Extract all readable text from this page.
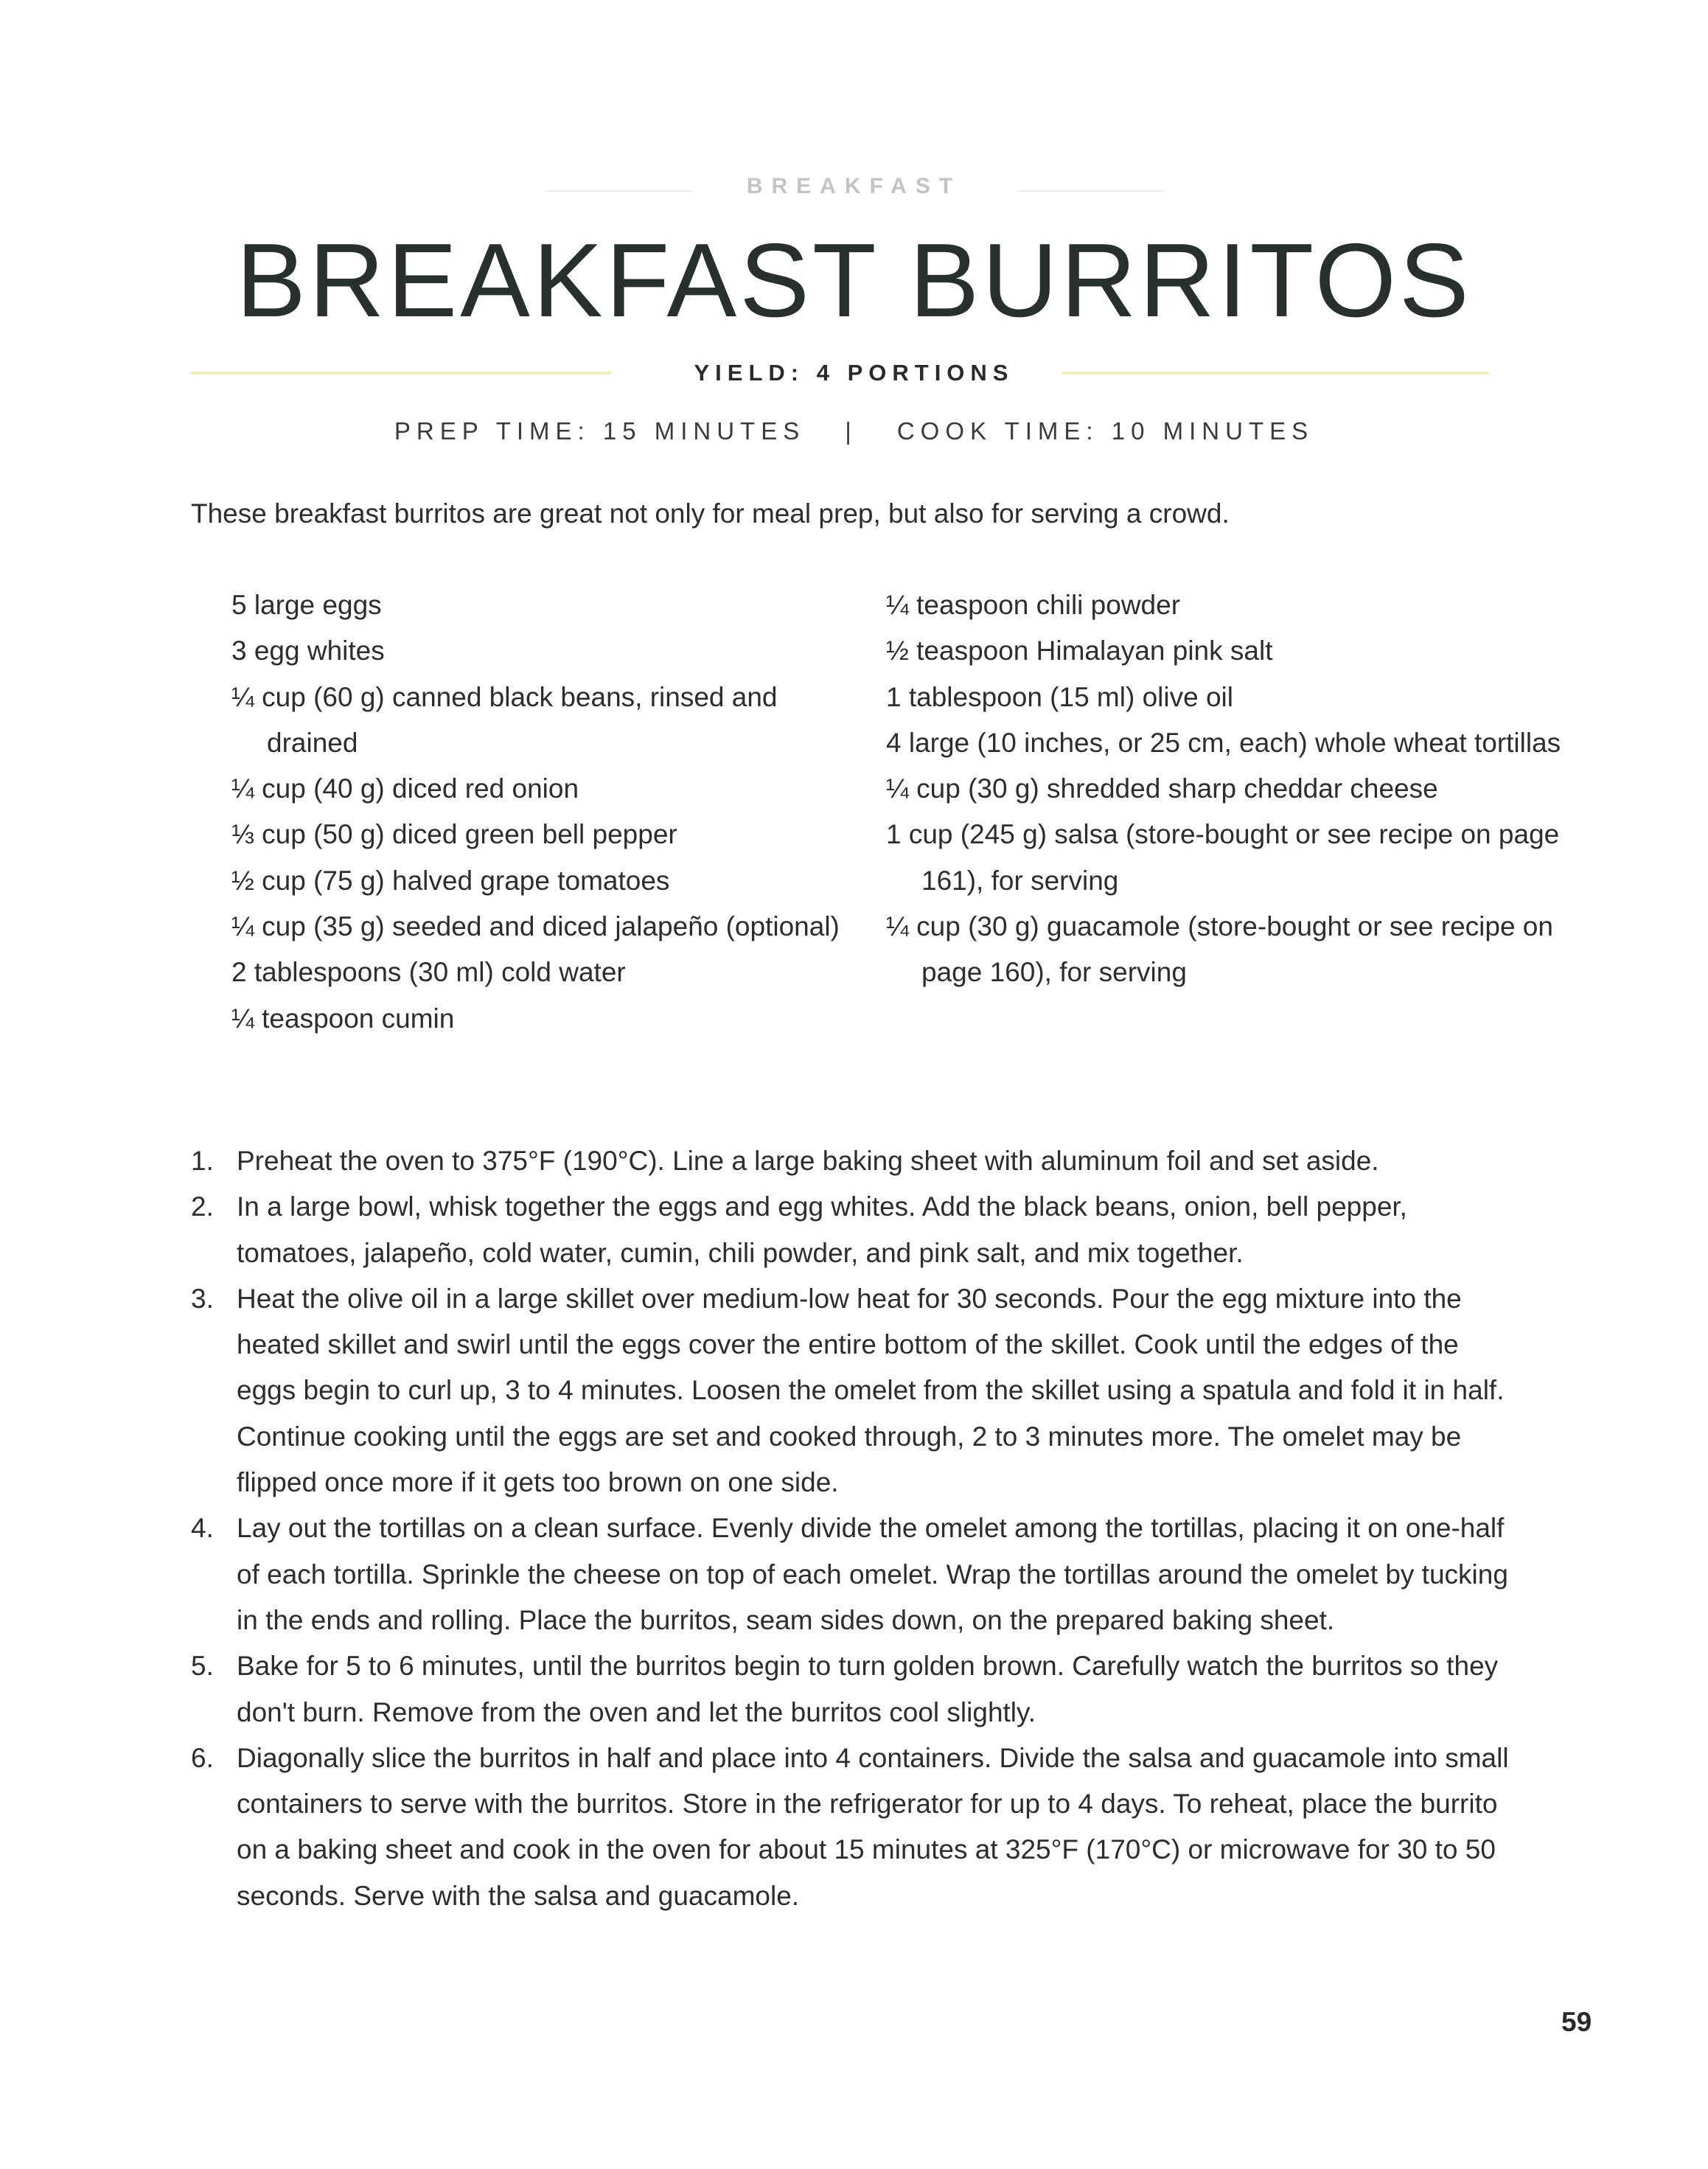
BREAKFAST
BREAKFAST BURRITOS
YIELD: 4 PORTIONS
PREP TIME: 15 MINUTES | COOK TIME: 10 MINUTES

These breakfast burritos are great not only for meal prep, but also for serving a crowd.

5 large eggs
3 egg whites
¼ cup (60 g) canned black beans, rinsed and drained
¼ cup (40 g) diced red onion
⅓ cup (50 g) diced green bell pepper
½ cup (75 g) halved grape tomatoes
¼ cup (35 g) seeded and diced jalapeño (optional)
2 tablespoons (30 ml) cold water
¼ teaspoon cumin
¼ teaspoon chili powder
½ teaspoon Himalayan pink salt
1 tablespoon (15 ml) olive oil
4 large (10 inches, or 25 cm, each) whole wheat tortillas
¼ cup (30 g) shredded sharp cheddar cheese
1 cup (245 g) salsa (store-bought or see recipe on page 161), for serving
¼ cup (30 g) guacamole (store-bought or see recipe on page 160), for serving
1. Preheat the oven to 375°F (190°C). Line a large baking sheet with aluminum foil and set aside.
2. In a large bowl, whisk together the eggs and egg whites. Add the black beans, onion, bell pepper, tomatoes, jalapeño, cold water, cumin, chili powder, and pink salt, and mix together.
3. Heat the olive oil in a large skillet over medium-low heat for 30 seconds. Pour the egg mixture into the heated skillet and swirl until the eggs cover the entire bottom of the skillet. Cook until the edges of the eggs begin to curl up, 3 to 4 minutes. Loosen the omelet from the skillet using a spatula and fold it in half. Continue cooking until the eggs are set and cooked through, 2 to 3 minutes more. The omelet may be flipped once more if it gets too brown on one side.
4. Lay out the tortillas on a clean surface. Evenly divide the omelet among the tortillas, placing it on one-half of each tortilla. Sprinkle the cheese on top of each omelet. Wrap the tortillas around the omelet by tucking in the ends and rolling. Place the burritos, seam sides down, on the prepared baking sheet.
5. Bake for 5 to 6 minutes, until the burritos begin to turn golden brown. Carefully watch the burritos so they don't burn. Remove from the oven and let the burritos cool slightly.
6. Diagonally slice the burritos in half and place into 4 containers. Divide the salsa and guacamole into small containers to serve with the burritos. Store in the refrigerator for up to 4 days. To reheat, place the burrito on a baking sheet and cook in the oven for about 15 minutes at 325°F (170°C) or microwave for 30 to 50 seconds. Serve with the salsa and guacamole.
59
